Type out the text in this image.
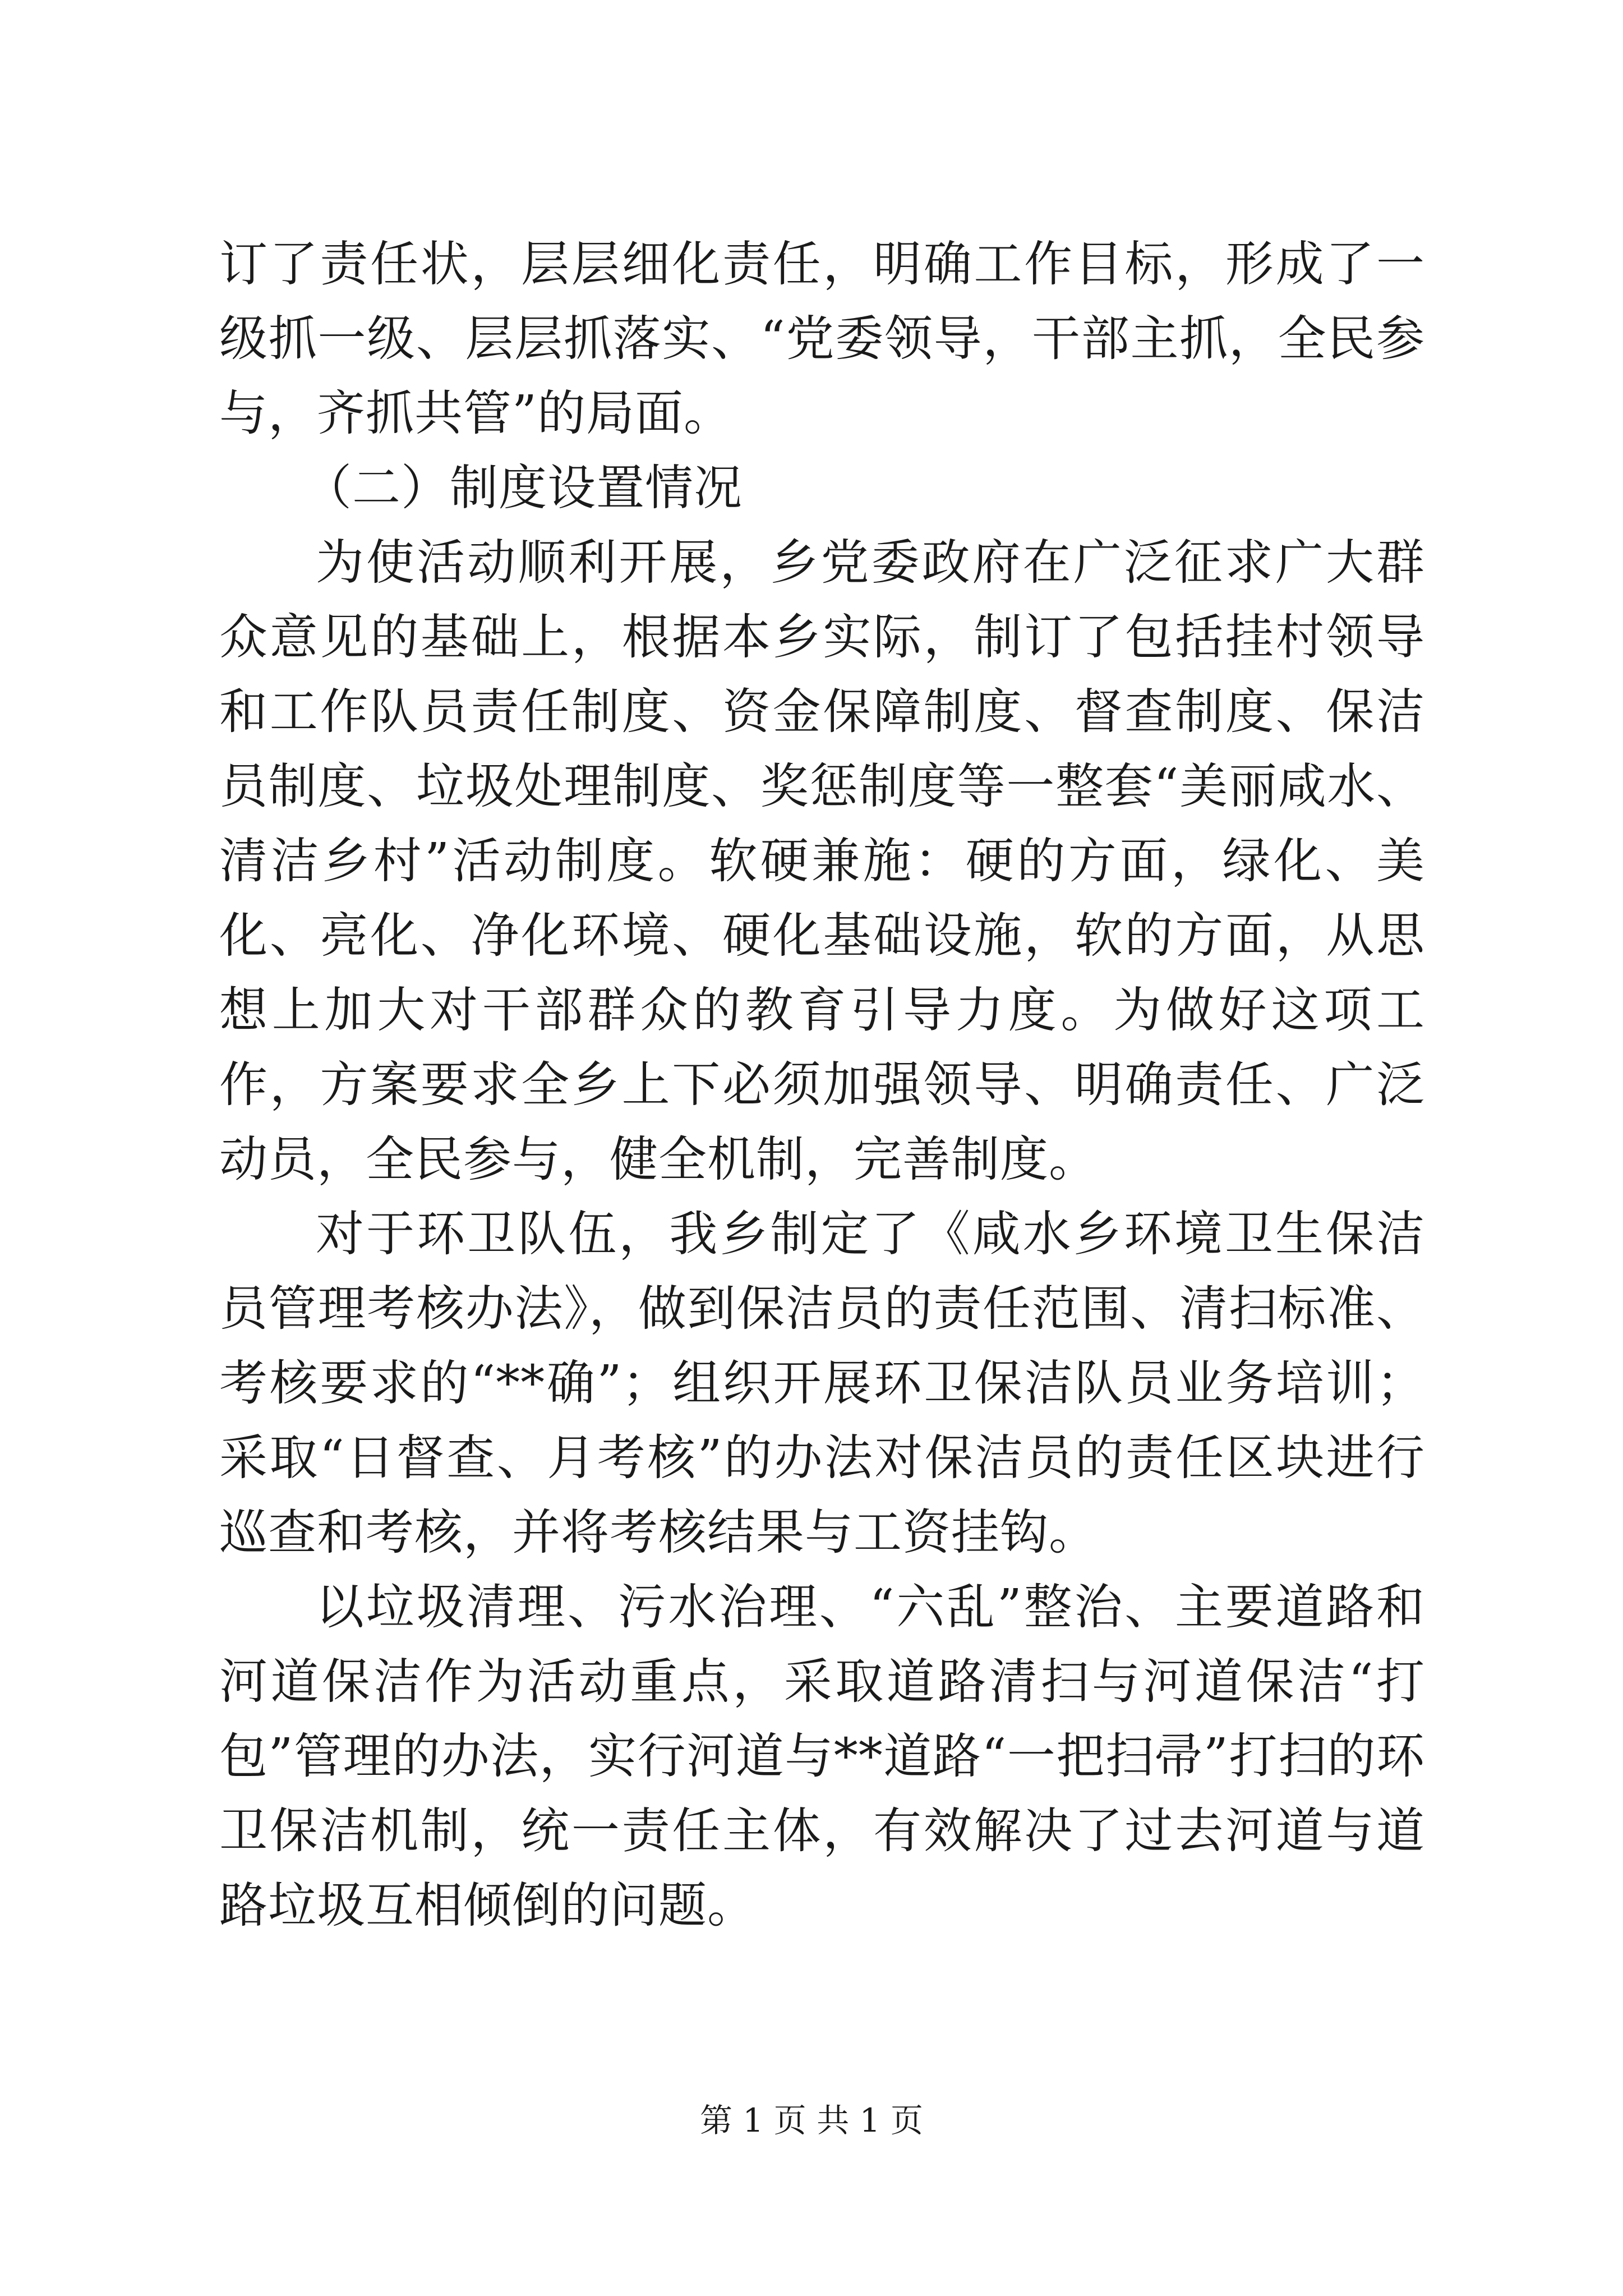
订了责任状，层层细化责任，明确工作目标，形成了一级抓一级、层层抓落实、“党委领导，干部主抓，全民参与，齐抓共管”的局面。

（二）制度设置情况

为使活动顺利开展，乡党委政府在广泛征求广大群众意见的基础上，根据本乡实际，制订了包括挂村领导和工作队员责任制度、资金保障制度、督查制度、保洁员制度、垃圾处理制度、奖惩制度等一整套“美丽咸水、清洁乡村”活动制度。软硬兼施：硬的方面，绿化、美化、亮化、净化环境、硬化基础设施，软的方面，从思想上加大对干部群众的教育引导力度。为做好这项工作，方案要求全乡上下必须加强领导、明确责任、广泛动员，全民参与，健全机制，完善制度。

对于环卫队伍，我乡制定了《咸水乡环境卫生保洁员管理考核办法》，做到保洁员的责任范围、清扫标准、考核要求的“**确”；组织开展环卫保洁队员业务培训；采取“日督查、月考核”的办法对保洁员的责任区块进行巡查和考核，并将考核结果与工资挂钩。

以垃圾清理、污水治理、“六乱”整治、主要道路和河道保洁作为活动重点，采取道路清扫与河道保洁“打包”管理的办法，实行河道与**道路“一把扫帚”打扫的环卫保洁机制，统一责任主体，有效解决了过去河道与道路垃圾互相倾倒的问题。

第 1 页 共 1 页
